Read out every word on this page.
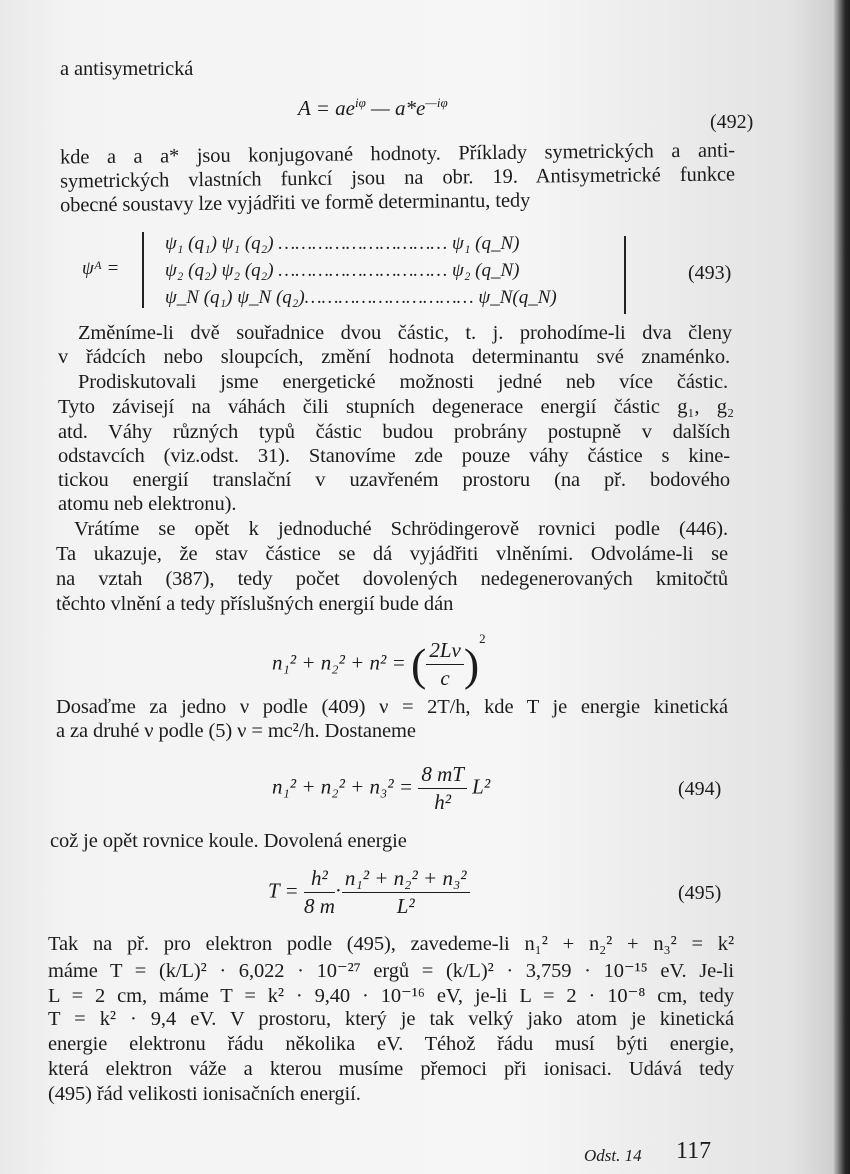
a antisymetrická
$A = ae^{i\varphi}$ — $a*e^{—i\varphi}$
(492)
kde a a a* jsou konjugované hodnoty. Příklady symetrických a anti-
symetrických vlastních funkcí jsou na obr. 19. Antisymetrické funkce
obecné soustavy lze vyjádřiti ve formě determinantu, tedy
ψᴬ =
ψ₁ (q₁) ψ₁ (q₂) ………………………… ψ₁ (q_N)
ψ₂ (q₂) ψ₂ (q₂) ………………………… ψ₂ (q_N)
ψ_N (q₁) ψ_N (q₂)………………………… ψ_N(q_N)
(493)
Změníme-li dvě souřadnice dvou částic, t. j. prohodíme-li dva členy
v řádcích nebo sloupcích, změní hodnota determinantu své znaménko.
Prodiskutovali jsme energetické možnosti jedné neb více částic.
Tyto závisejí na váhách čili stupních degenerace energií částic g₁, g₂
atd. Váhy různých typů částic budou probrány postupně v dalších
odstavcích (viz.odst. 31). Stanovíme zde pouze váhy částice s kine-
tickou energií translační v uzavřeném prostoru (na př. bodového
atomu neb elektronu).
Vrátíme se opět k jednoduché Schrödingerově rovnici podle (446).
Ta ukazuje, že stav částice se dá vyjádřiti vlněními. Odvoláme-li se
na vztah (387), tedy počet dovolených nedegenerovaných kmitočtů
těchto vlnění a tedy příslušných energií bude dán
n₁² + n₂² + n² = ( $\frac{2L\nu}{c} )^2$
Dosaďme za jedno ν podle (409) ν = 2T/h, kde T je energie kinetická
a za druhé ν podle (5) ν = mc²/h. Dostaneme
$n_1^2 + n_2^2 + n_3^2 = \frac{8 mT}{\text{h²}} L^2$	(494)
což je opět rovnice koule. Dovolená energie
$T = \frac{\text{h²}}{8 m} \cdot \frac{\text{n₁² + n₂² + n₃²}}{\text{L²}}$	(495)
Tak na př. pro elektron podle (495), zavedeme-li n₁² + n₂² + n₃² = k²
máme T = (k/L)² · 6,022 · 10⁻²⁷ ergů = (k/L)² · 3,759 · 10⁻¹⁵ eV. Je-li
L = 2 cm, máme T = k² · 9,40 · 10⁻¹⁶ eV, je-li L = 2 · 10⁻⁸ cm, tedy
T = k² · 9,4 eV. V prostoru, který je tak velký jako atom je kinetická
energie elektronu řádu několika eV. Téhož řádu musí býti energie,
která elektron váže a kterou musíme přemoci při ionisaci. Udává tedy
(495) řád velikosti ionisačních energií.
Odst. 14 117
